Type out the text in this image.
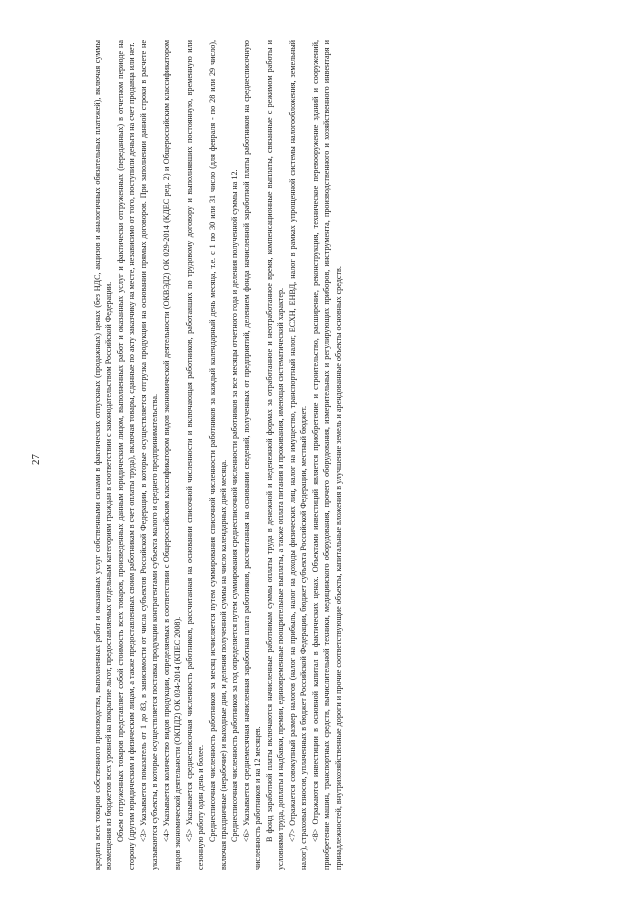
27	кредита всех товаров собственного производства, выполненных работ и оказанных услуг собственными силами в фактических отпускных (продажных) ценах (без НДС, акцизов и аналогичных обязательных платежей), включая суммы возмещения из бюджетов всех уровней на покрытие льгот, предоставляемых отдельным категориям граждан в соответствии с законодательством Российской Федерации. Объем отгруженных товаров представляет собой стоимость всех товаров, произведенных данным юридическим лицом, выполненных работ и оказанных услуг и фактически отгруженных (переданных) в отчетном периоде на сторону (другим юридическим и физическим лицам, а также предоставленных своим работникам в счет оплаты труда), включая товары, сданные по акту заказчику на месте, независимо от того, поступили деньги на счет продавца или нет. <3> Указывается показатель от 1 до 83, в зависимости от числа субъектов Российской Федерации, в которые осуществляется отгрузка продукции на основании прямых договоров. При заполнении данной строки в расчете не указываются субъекты, в которые осуществляется поставка продукции контрагентами субъекта малого и среднего предпринимательства. <4> Указывается количество видов продукции, определяемых в соответствии с Общероссийским классификатором видов экономической деятельности (ОКВЭД2) ОК 029-2014 (КДЕС ред. 2) и Общероссийским классификатором видов экономической деятельности (ОКПД2) ОК 034-2014 (КПЕС 2008). <5> Указывается среднесписочная численность работников, рассчитанная на основании списочной численности и включающая работников, работавших по трудовому договору и выполнявших постоянную, временную или сезонную работу один день и более. Среднесписочная численность работников за месяц исчисляется путем суммирования списочной численности работников за каждый календарный день месяца, т.е. с 1 по 30 или 31 число (для февраля - по 28 или 29 число), включая праздничные (нерабочие) и выходные дни, и деления полученной суммы на число календарных дней месяца. Среднесписочная численность работников за год определяется путем суммирования среднесписочной численности работников за все месяцы отчетного года и деления полученной суммы на 12. <6> Указывается среднемесячная начисленная заработная плата работников, рассчитанная на основании сведений, полученных от предприятий, делением фонда начисленной заработной платы работников на среднесписочную численность работников и на 12 месяцев. В фонд заработной платы включаются начисленные работникам суммы оплаты труда в денежной и неденежной формах за отработанное и неотработанное время, компенсационные выплаты, связанные с режимом работы и условиями труда, доплаты и надбавки, премии, единовременные поощрительные выплаты, а также оплата питания и проживания, имеющая систематический характер. <7> Отражается совокупный размер налогов (налог на прибыль, налог на доходы физических лиц, налог на имущество, транспортный налог, ЕСХН, ЕНВД, налог в рамках упрощенной системы налогообложения, земельный налог), страховых взносов, уплаченных в бюджет Российской Федерации, бюджет субъекта Российской Федерации, местный бюджет. <8> Отражаются инвестиции в основной капитал в фактических ценах. Объектами инвестиций является приобретение и строительство, расширение, реконструкция, техническое перевооружение зданий и сооружений, приобретение машин, транспортных средств, вычислительной техники, медицинского оборудования, прочего оборудования, измерительных и регулирующих приборов, инструмента, производственного и хозяйственного инвентаря и принадлежностей, внутрихозяйственные дороги и прочие соответствующие объекты, капитальные вложения в улучшение земель и арендованные объекты основных средств.
